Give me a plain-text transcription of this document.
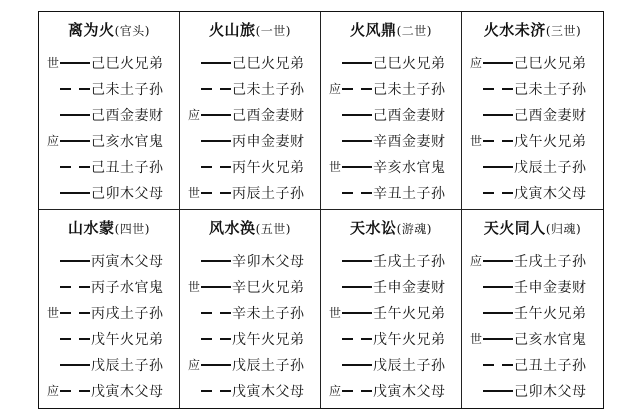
离为火(官头)
世 己巳火兄弟
己未土子孙
己酉金妻财
应 己亥水官鬼
己丑土子孙
己卯木父母
火山旅(一世)
己巳火兄弟
己未土子孙
应 己酉金妻财
丙申金妻财
丙午火兄弟
世 丙辰土子孙
火风鼎(二世)
己巳火兄弟
应 己未土子孙
己酉金妻财
辛酉金妻财
世 辛亥水官鬼
辛丑土子孙
火水未济(三世)
应 己巳火兄弟
己未土子孙
己酉金妻财
世 戊午火兄弟
戊辰土子孙
戊寅木父母
山水蒙(四世)
丙寅木父母
丙子水官鬼
世 丙戌土子孙
戊午火兄弟
戊辰土子孙
应 戊寅木父母
风水涣(五世)
辛卯木父母
世 辛巳火兄弟
辛未土子孙
戊午火兄弟
应 戊辰土子孙
戊寅木父母
天水讼(游魂)
壬戌土子孙
壬申金妻财
世 壬午火兄弟
戊午火兄弟
戊辰土子孙
应 戊寅木父母
天火同人(归魂)
应 壬戌土子孙
壬申金妻财
壬午火兄弟
世 己亥水官鬼
己丑土子孙
己卯木父母
